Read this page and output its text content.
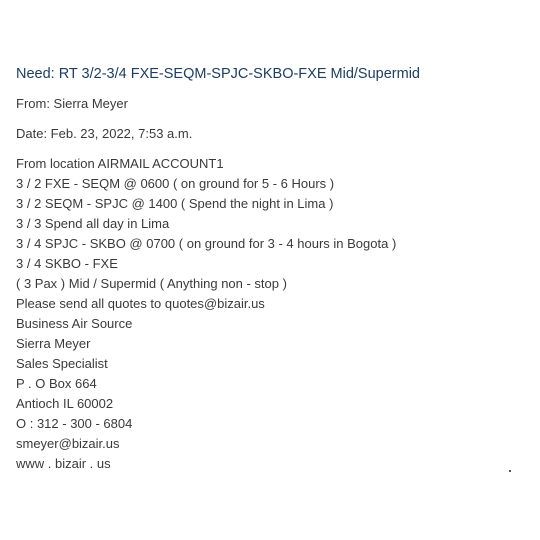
Need: RT 3/2-3/4 FXE-SEQM-SPJC-SKBO-FXE Mid/Supermid
From: Sierra Meyer
Date: Feb. 23, 2022, 7:53 a.m.
From location AIRMAIL ACCOUNT1
3 / 2 FXE - SEQM @ 0600 ( on ground for 5 - 6 Hours )
3 / 2 SEQM - SPJC @ 1400 ( Spend the night in Lima )
3 / 3 Spend all day in Lima
3 / 4 SPJC - SKBO @ 0700 ( on ground for 3 - 4 hours in Bogota )
3 / 4 SKBO - FXE
( 3 Pax ) Mid / Supermid ( Anything non - stop )
Please send all quotes to quotes@bizair.us
Business Air Source
Sierra Meyer
Sales Specialist
P . O Box 664
Antioch IL 60002
O : 312 - 300 - 6804
smeyer@bizair.us
www . bizair . us
